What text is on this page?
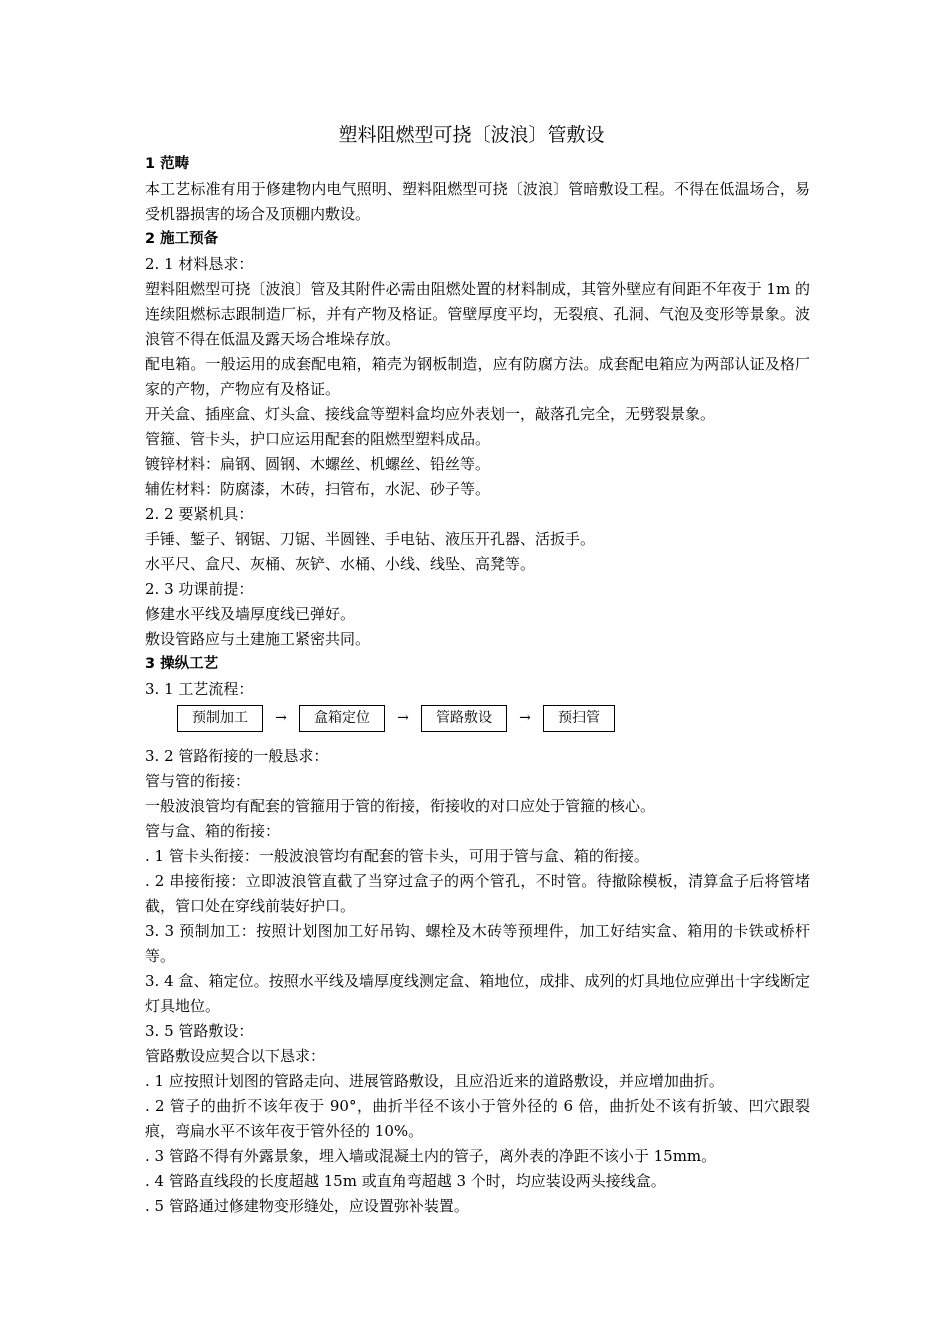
塑料阻燃型可挠〔波浪〕管敷设

1 范畴

本工艺标准有用于修建物内电气照明、塑料阻燃型可挠〔波浪〕管暗敷设工程。不得在低温场合，易受机器损害的场合及顶棚内敷设。

2 施工预备

2. 1 材料恳求：

塑料阻燃型可挠〔波浪〕管及其附件必需由阻燃处置的材料制成，其管外壁应有间距不年夜于 1m 的连续阻燃标志跟制造厂标，并有产物及格证。管壁厚度平均，无裂痕、孔洞、气泡及变形等景象。波浪管不得在低温及露天场合堆垛存放。

配电箱。一般运用的成套配电箱，箱壳为钢板制造，应有防腐方法。成套配电箱应为两部认证及格厂家的产物，产物应有及格证。

开关盒、插座盒、灯头盒、接线盒等塑料盒均应外表划一，敲落孔完全，无劈裂景象。

管箍、管卡头，护口应运用配套的阻燃型塑料成品。

镀锌材料：扁钢、圆钢、木螺丝、机螺丝、铅丝等。

辅佐材料：防腐漆，木砖，扫管布，水泥、砂子等。

2. 2 要紧机具：

手锤、錾子、钢锯、刀锯、半圆锉、手电钻、液压开孔器、活扳手。

水平尺、盒尺、灰桶、灰铲、水桶、小线、线坠、高凳等。

2. 3 功课前提：

修建水平线及墙厚度线已弹好。

敷设管路应与土建施工紧密共同。

3 操纵工艺

3. 1 工艺流程：

预制加工	→	盒箱定位	→	管路敷设	→	预扫管

3. 2 管路衔接的一般恳求：

管与管的衔接：

一般波浪管均有配套的管箍用于管的衔接，衔接收的对口应处于管箍的核心。

管与盒、箱的衔接：

. 1 管卡头衔接：一般波浪管均有配套的管卡头，可用于管与盒、箱的衔接。

. 2 串接衔接：立即波浪管直截了当穿过盒子的两个管孔，不时管。待撤除模板，清算盒子后将管堵截，管口处在穿线前装好护口。

3. 3 预制加工：按照计划图加工好吊钩、螺栓及木砖等预埋件，加工好结实盒、箱用的卡铁或桥杆等。

3. 4 盒、箱定位。按照水平线及墙厚度线测定盒、箱地位，成排、成列的灯具地位应弹出十字线断定灯具地位。

3. 5 管路敷设：

管路敷设应契合以下恳求：

. 1 应按照计划图的管路走向、进展管路敷设，且应沿近来的道路敷设，并应增加曲折。

. 2 管子的曲折不该年夜于 90°，曲折半径不该小于管外径的 6 倍，曲折处不该有折皱、凹穴跟裂痕，弯扁水平不该年夜于管外径的 10%。

. 3 管路不得有外露景象，埋入墙或混凝土内的管子，离外表的净距不该小于 15mm。

. 4 管路直线段的长度超越 15m 或直角弯超越 3 个时，均应装设两头接线盒。

. 5 管路通过修建物变形缝处，应设置弥补装置。
